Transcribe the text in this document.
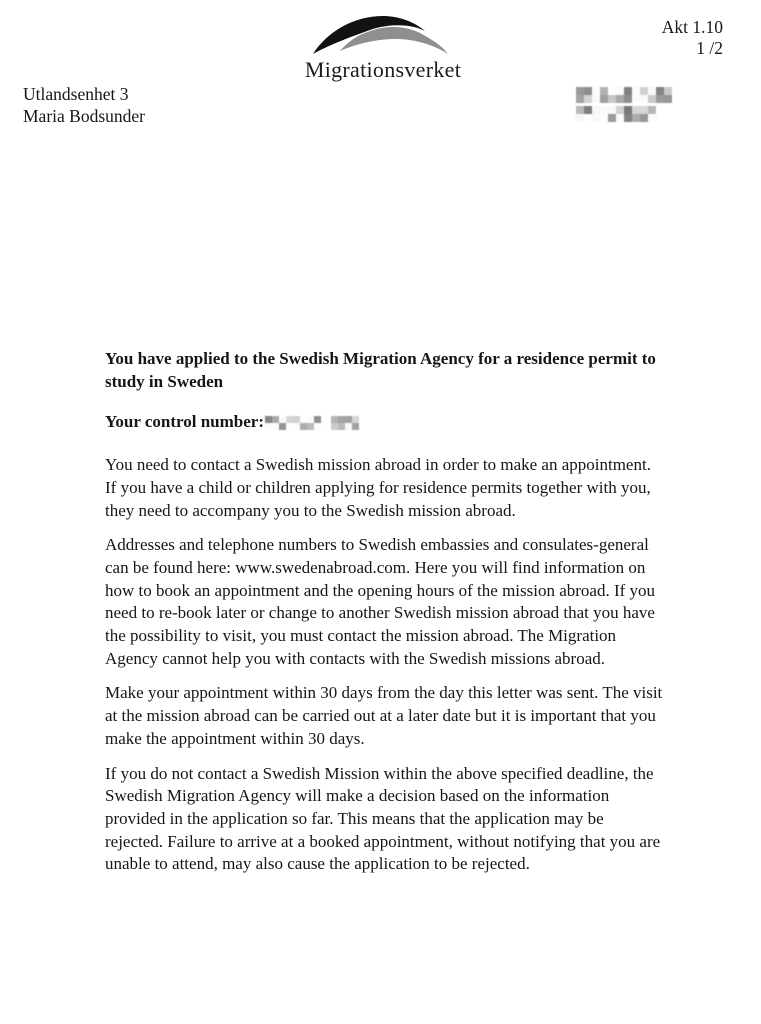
Migrationsverket
Akt 1.10
1 /2
Utlandsenhet 3
Maria Bodsunder
You have applied to the Swedish Migration Agency for a residence permit to study in Sweden
Your control number:

You need to contact a Swedish mission abroad in order to make an appointment. If you have a child or children applying for residence permits together with you, they need to accompany you to the Swedish mission abroad.

Addresses and telephone numbers to Swedish embassies and consulates-general can be found here: www.swedenabroad.com. Here you will find information on how to book an appointment and the opening hours of the mission abroad. If you need to re-book later or change to another Swedish mission abroad that you have the possibility to visit, you must contact the mission abroad. The Migration Agency cannot help you with contacts with the Swedish missions abroad.

Make your appointment within 30 days from the day this letter was sent. The visit at the mission abroad can be carried out at a later date but it is important that you make the appointment within 30 days.

If you do not contact a Swedish Mission within the above specified deadline, the Swedish Migration Agency will make a decision based on the information provided in the application so far. This means that the application may be rejected. Failure to arrive at a booked appointment, without notifying that you are unable to attend, may also cause the application to be rejected.
